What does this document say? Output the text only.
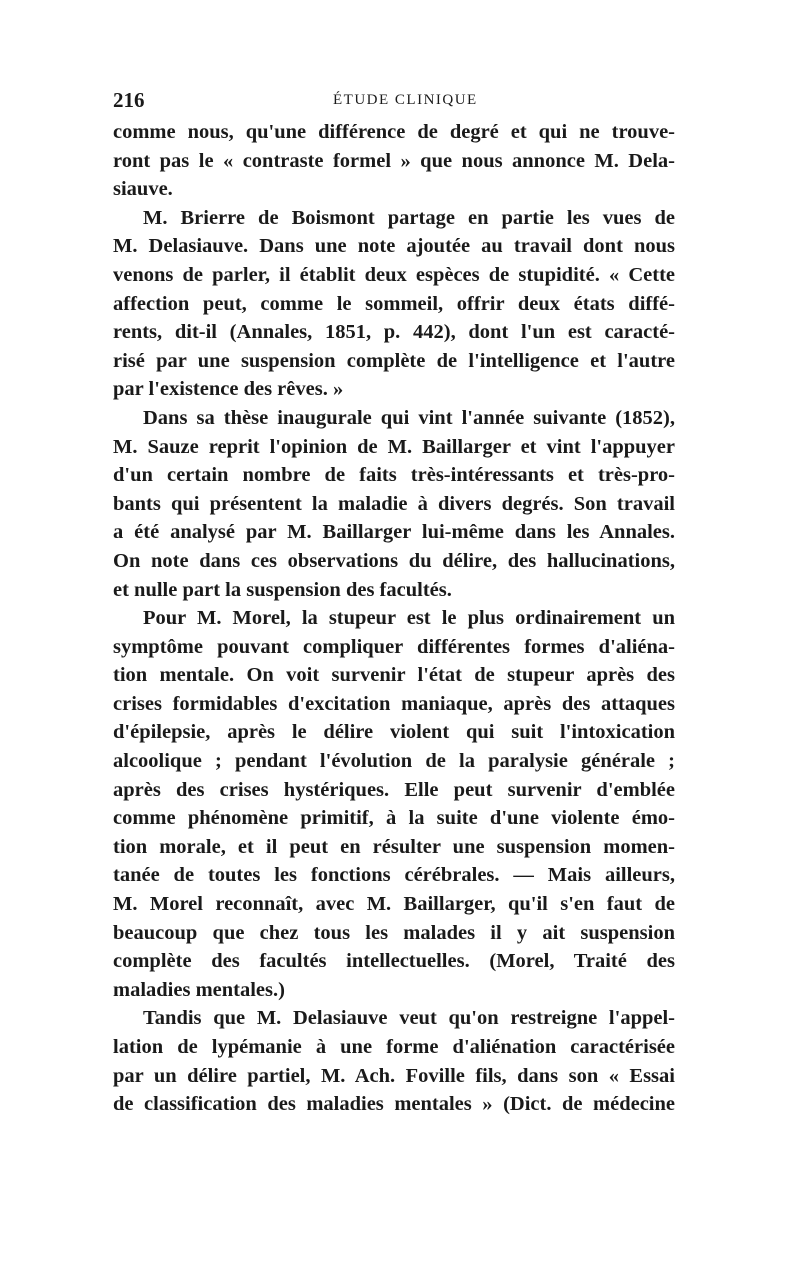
216	ÉTUDE CLINIQUE
comme nous, qu'une différence de degré et qui ne trouve-
ront pas le « contraste formel » que nous annonce M. Dela-
siauve.
M. Brierre de Boismont partage en partie les vues de
M. Delasiauve. Dans une note ajoutée au travail dont nous
venons de parler, il établit deux espèces de stupidité. « Cette
affection peut, comme le sommeil, offrir deux états diffé-
rents, dit-il (Annales, 1851, p. 442), dont l'un est caracté-
risé par une suspension complète de l'intelligence et l'autre
par l'existence des rêves. »
Dans sa thèse inaugurale qui vint l'année suivante (1852),
M. Sauze reprit l'opinion de M. Baillarger et vint l'appuyer
d'un certain nombre de faits très-intéressants et très-pro-
bants qui présentent la maladie à divers degrés. Son travail
a été analysé par M. Baillarger lui-même dans les Annales.
On note dans ces observations du délire, des hallucinations,
et nulle part la suspension des facultés.
Pour M. Morel, la stupeur est le plus ordinairement un
symptôme pouvant compliquer différentes formes d'aliéna-
tion mentale. On voit survenir l'état de stupeur après des
crises formidables d'excitation maniaque, après des attaques
d'épilepsie, après le délire violent qui suit l'intoxication
alcoolique ; pendant l'évolution de la paralysie générale ;
après des crises hystériques. Elle peut survenir d'emblée
comme phénomène primitif, à la suite d'une violente émo-
tion morale, et il peut en résulter une suspension momen-
tanée de toutes les fonctions cérébrales. — Mais ailleurs,
M. Morel reconnaît, avec M. Baillarger, qu'il s'en faut de
beaucoup que chez tous les malades il y ait suspension
complète des facultés intellectuelles. (Morel, Traité des
maladies mentales.)
Tandis que M. Delasiauve veut qu'on restreigne l'appel-
lation de lypémanie à une forme d'aliénation caractérisée
par un délire partiel, M. Ach. Foville fils, dans son « Essai
de classification des maladies mentales » (Dict. de médecine
